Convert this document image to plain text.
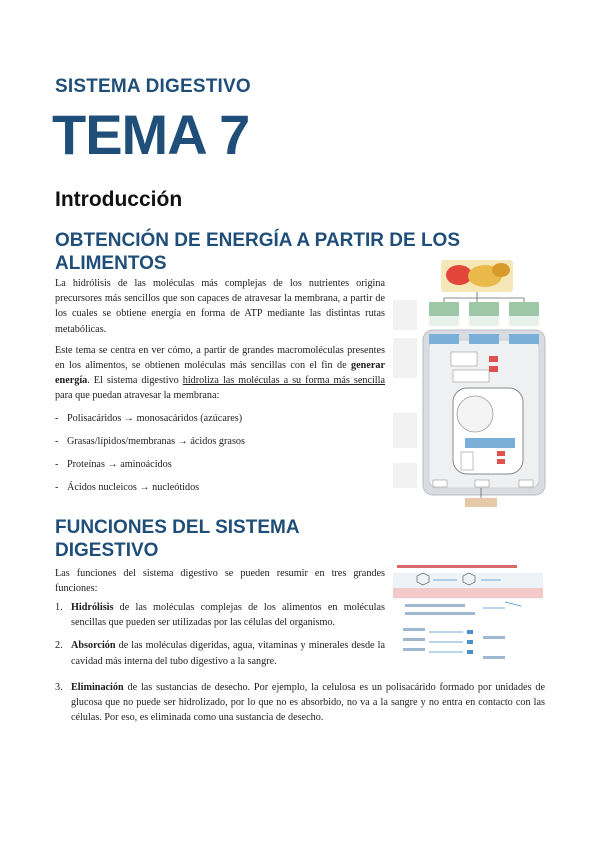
SISTEMA DIGESTIVO
TEMA 7
Introducción
OBTENCIÓN DE ENERGÍA A PARTIR DE LOS ALIMENTOS

La hidrólisis de las moléculas más complejas de los nutrientes origina precursores más sencillos que son capaces de atravesar la membrana, a partir de los cuales se obtiene energía en forma de ATP mediante las distintas rutas metabólicas.

Este tema se centra en ver cómo, a partir de grandes macromoléculas presentes en los alimentos, se obtienen moléculas más sencillas con el fin de generar energía. El sistema digestivo hidroliza las moléculas a su forma más sencilla para que puedan atravesar la membrana:

- Polisacáridos → monosacáridos (azúcares)

- Grasas/lípidos/membranas → ácidos grasos

- Proteínas → aminoácidos

- Ácidos nucleicos → nucleótidos

FUNCIONES DEL SISTEMA DIGESTIVO

Las funciones del sistema digestivo se pueden resumir en tres grandes funciones:

·

1. Hidrólisis de las moléculas complejas de los alimentos en moléculas sencillas que pueden ser utilizadas por las células del organismo.

2. Absorción de las moléculas digeridas, agua, vitaminas y minerales desde la cavidad más interna del tubo digestivo a la sangre.

3. Eliminación de las sustancias de desecho. Por ejemplo, la celulosa es un polisacárido formado por unidades de glucosa que no puede ser hidrolizado, por lo que no es absorbido, no va a la sangre y no entra en contacto con las células. Por eso, es eliminada como una sustancia de desecho.
